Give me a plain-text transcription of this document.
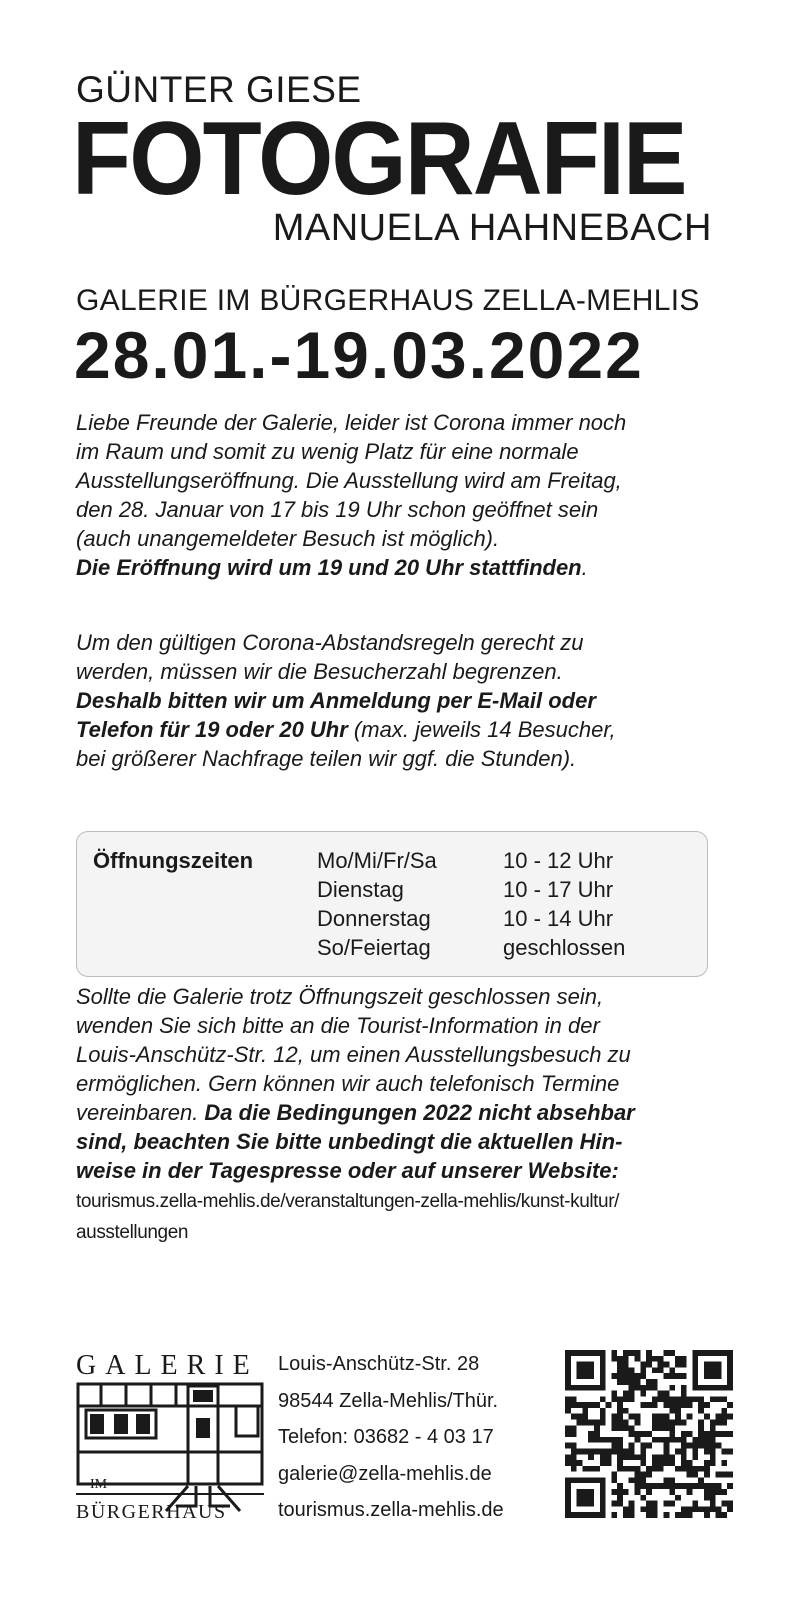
GÜNTER GIESE
FOTOGRAFIE
MANUELA HAHNEBACH
GALERIE IM BÜRGERHAUS ZELLA-MEHLIS
28.01.-19.03.2022
Liebe Freunde der Galerie, leider ist Corona immer noch
im Raum und somit zu wenig Platz für eine normale
Ausstellungseröffnung. Die Ausstellung wird am Freitag,
den 28. Januar von 17 bis 19 Uhr schon geöffnet sein
(auch unangemeldeter Besuch ist möglich).
Die Eröffnung wird um 19 und 20 Uhr stattfinden.
Um den gültigen Corona-Abstandsregeln gerecht zu
werden, müssen wir die Besucherzahl begrenzen.
Deshalb bitten wir um Anmeldung per E-Mail oder
Telefon für 19 oder 20 Uhr (max. jeweils 14 Besucher,
bei größerer Nachfrage teilen wir ggf. die Stunden).
Öffnungszeiten	Mo/Mi/Fr/Sa	10 - 12 Uhr
Dienstag	10 - 17 Uhr
Donnerstag	10 - 14 Uhr
So/Feiertag	geschlossen
Sollte die Galerie trotz Öffnungszeit geschlossen sein,
wenden Sie sich bitte an die Tourist-Information in der
Louis-Anschütz-Str. 12, um einen Ausstellungsbesuch zu
ermöglichen. Gern können wir auch telefonisch Termine
vereinbaren. Da die Bedingungen 2022 nicht absehbar
sind, beachten Sie bitte unbedingt die aktuellen Hin-
weise in der Tagespresse oder auf unserer Website:
tourismus.zella-mehlis.de/veranstaltungen-zella-mehlis/kunst-kultur/
ausstellungen
GALERIE
IM
BÜRGERHAUS
Louis-Anschütz-Str. 28
98544 Zella-Mehlis/Thür.
Telefon: 03682 - 4 03 17
galerie@zella-mehlis.de
tourismus.zella-mehlis.de
